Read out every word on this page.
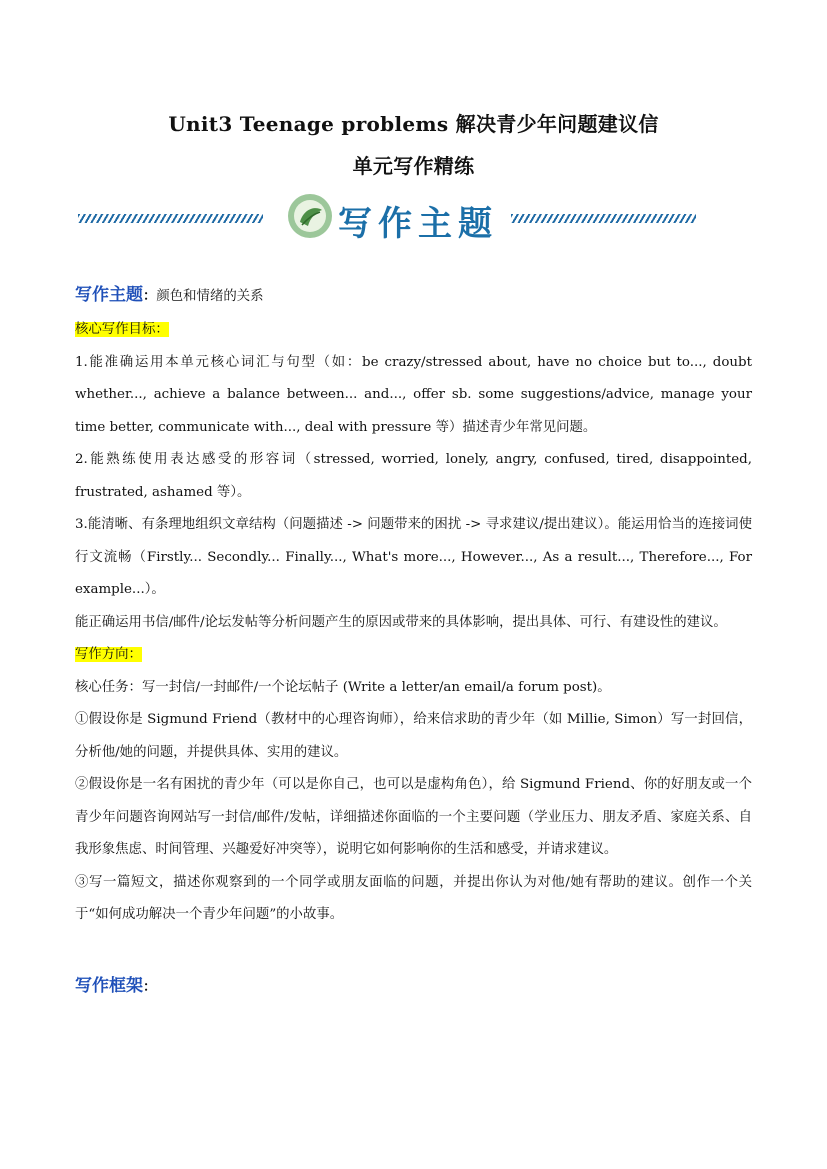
Unit3 Teenage problems 解决青少年问题建议信
单元写作精练
写作主题

写作主题：颜色和情绪的关系

核心写作目标：

1.能准确运用本单元核心词汇与句型（如：be crazy/stressed about, have no choice but to..., doubt whether..., achieve a balance between... and..., offer sb. some suggestions/advice, manage your time better, communicate with..., deal with pressure 等）描述青少年常见问题。

2.能熟练使用表达感受的形容词（stressed, worried, lonely, angry, confused, tired, disappointed, frustrated, ashamed 等）。

3.能清晰、有条理地组织文章结构（问题描述 -> 问题带来的困扰 -> 寻求建议/提出建议）。能运用恰当的连接词使行文流畅（Firstly... Secondly... Finally..., What's more..., However..., As a result..., Therefore..., For example...）。

能正确运用书信/邮件/论坛发帖等分析问题产生的原因或带来的具体影响，提出具体、可行、有建设性的建议。

写作方向：

核心任务：写一封信/一封邮件/一个论坛帖子 (Write a letter/an email/a forum post)。

①假设你是 Sigmund Friend（教材中的心理咨询师），给来信求助的青少年（如 Millie, Simon）写一封回信，分析他/她的问题，并提供具体、实用的建议。

②假设你是一名有困扰的青少年（可以是你自己，也可以是虚构角色），给 Sigmund Friend、你的好朋友或一个青少年问题咨询网站写一封信/邮件/发帖，详细描述你面临的一个主要问题（学业压力、朋友矛盾、家庭关系、自我形象焦虑、时间管理、兴趣爱好冲突等），说明它如何影响你的生活和感受，并请求建议。

③写一篇短文，描述你观察到的一个同学或朋友面临的问题，并提出你认为对他/她有帮助的建议。创作一个关于“如何成功解决一个青少年问题”的小故事。

写作框架：
